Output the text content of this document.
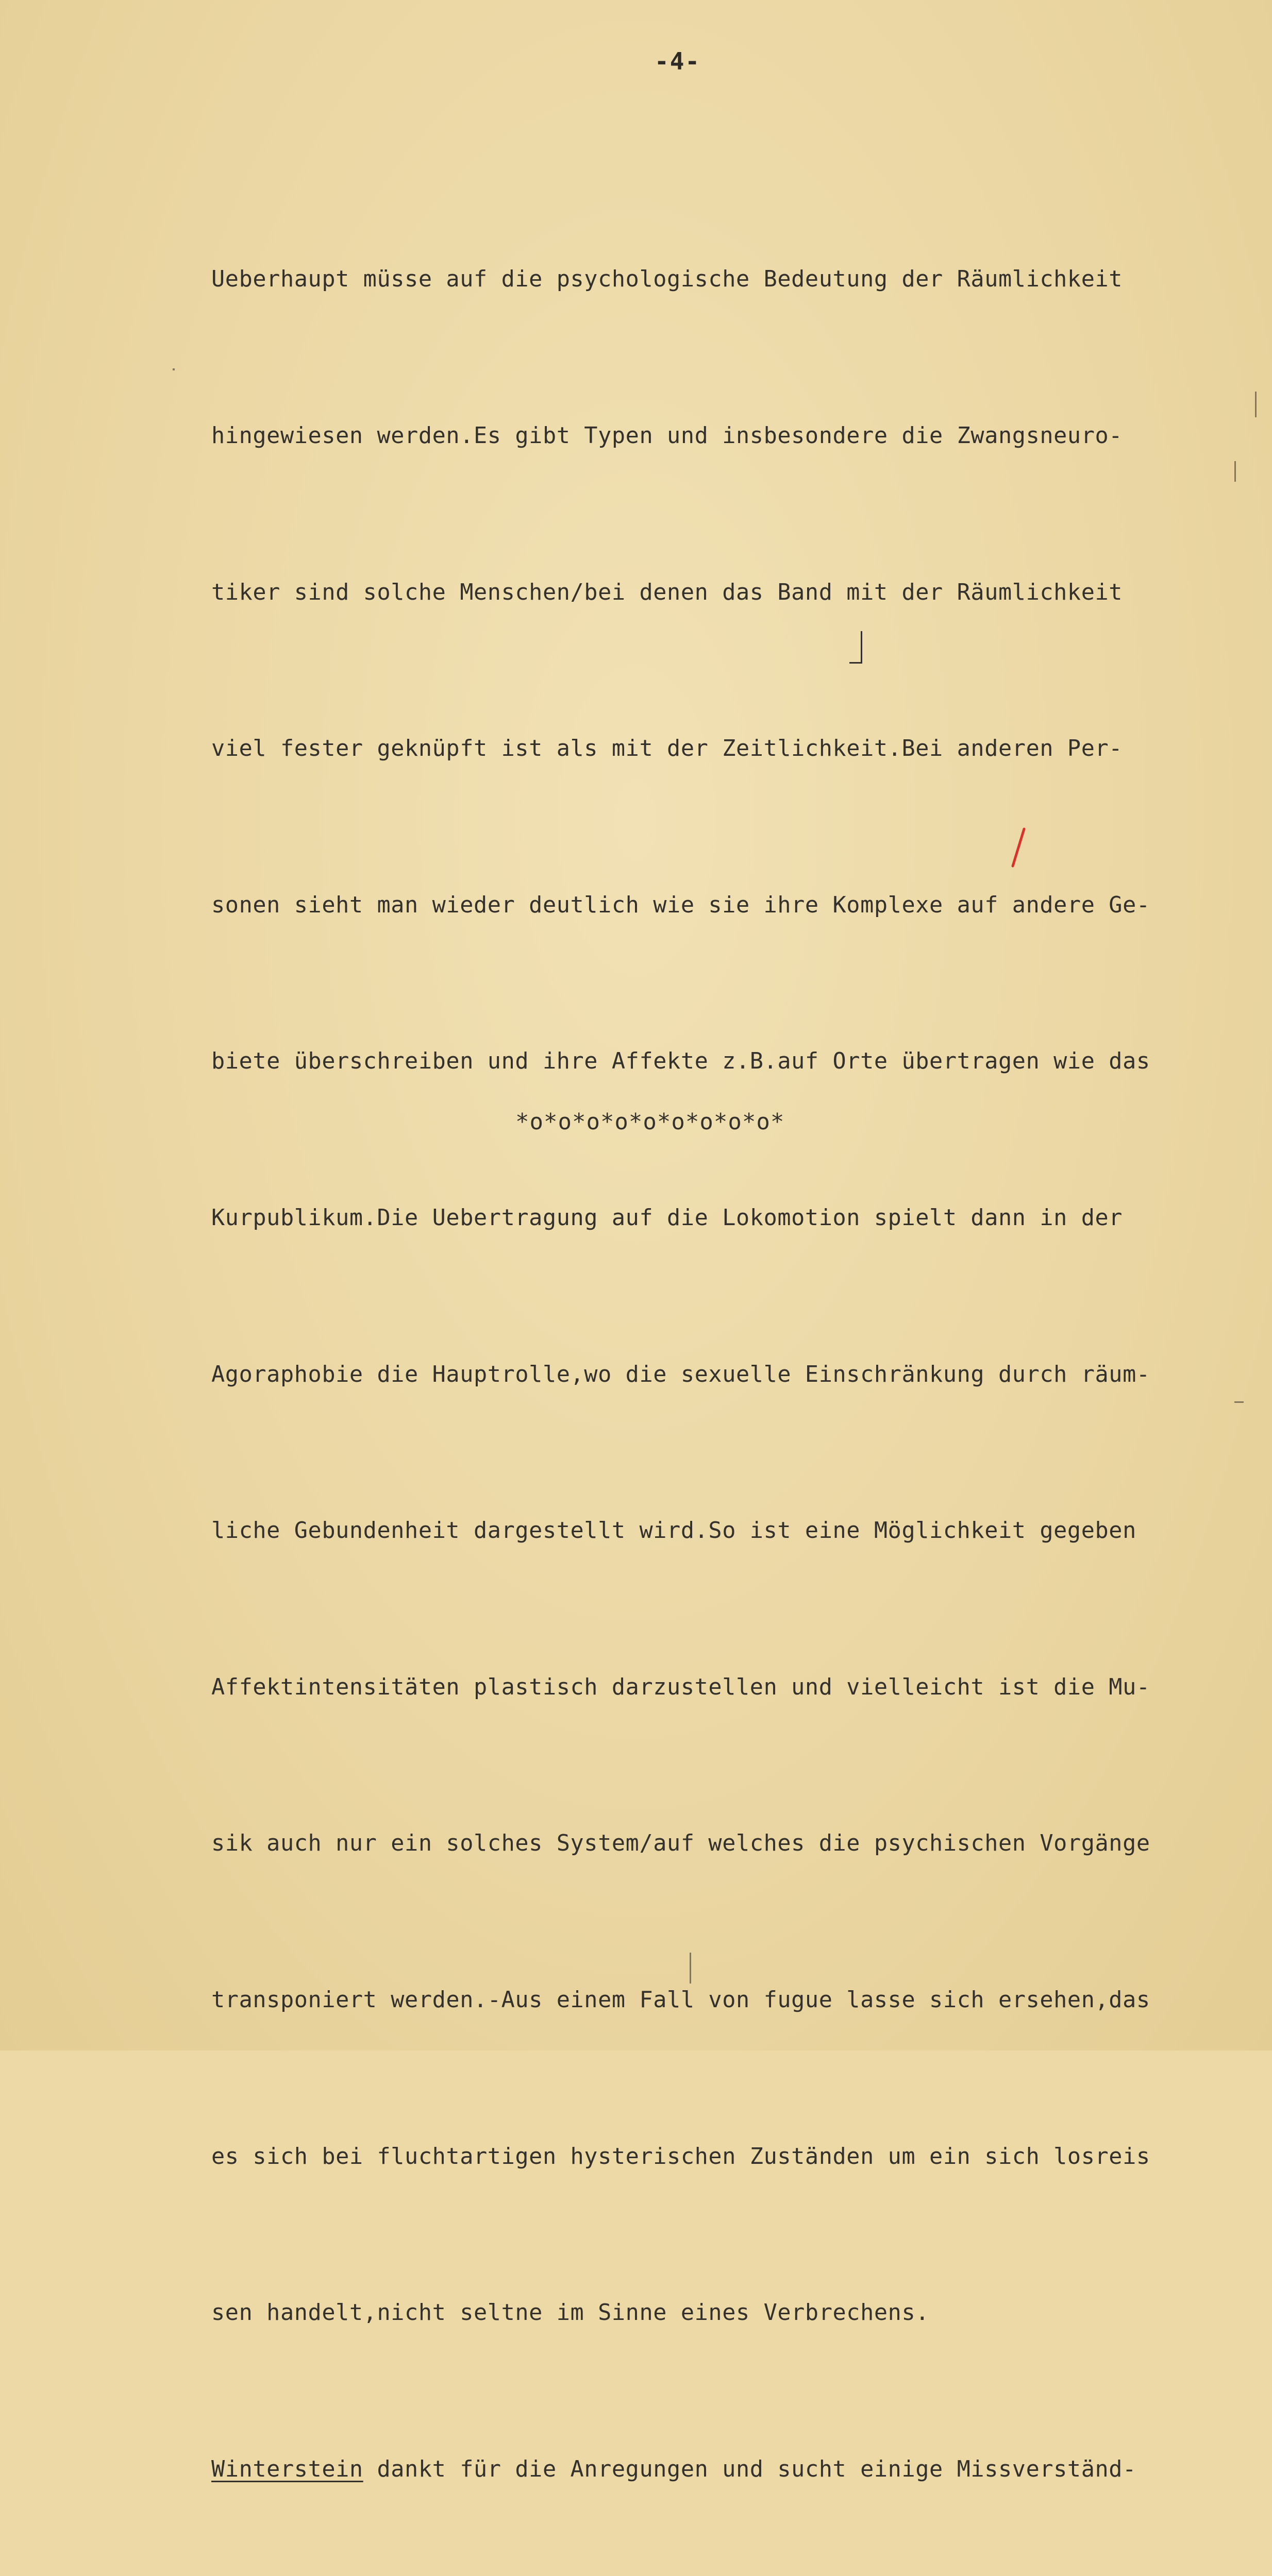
-4-

Ueberhaupt müsse auf die psychologische Bedeutung der Räumlichkeit

hingewiesen werden.Es gibt Typen und insbesondere die Zwangsneuro-

tiker sind solche Menschen/bei denen das Band mit der Räumlichkeit

viel fester geknüpft ist als mit der Zeitlichkeit.Bei anderen Per-

sonen sieht man wieder deutlich wie sie ihre Komplexe auf andere Ge-

biete überschreiben und ihre Affekte z.B.auf Orte übertragen wie das

Kurpublikum.Die Uebertragung auf die Lokomotion spielt dann in der

Agoraphobie die Hauptrolle,wo die sexuelle Einschränkung durch räum-

liche Gebundenheit dargestellt wird.So ist eine Möglichkeit gegeben

Affektintensitäten plastisch darzustellen und vielleicht ist die Mu-

sik auch nur ein solches System/auf welches die psychischen Vorgänge

transponiert werden.-Aus einem Fall von fugue lasse sich ersehen,das

es sich bei fluchtartigen hysterischen Zuständen um ein sich losreis

sen handelt,nicht seltne im Sinne eines Verbrechens.

Winterstein dankt für die Anregungen und sucht einige Missverständ-

*o*o*o*o*o*o*o*o*o*
